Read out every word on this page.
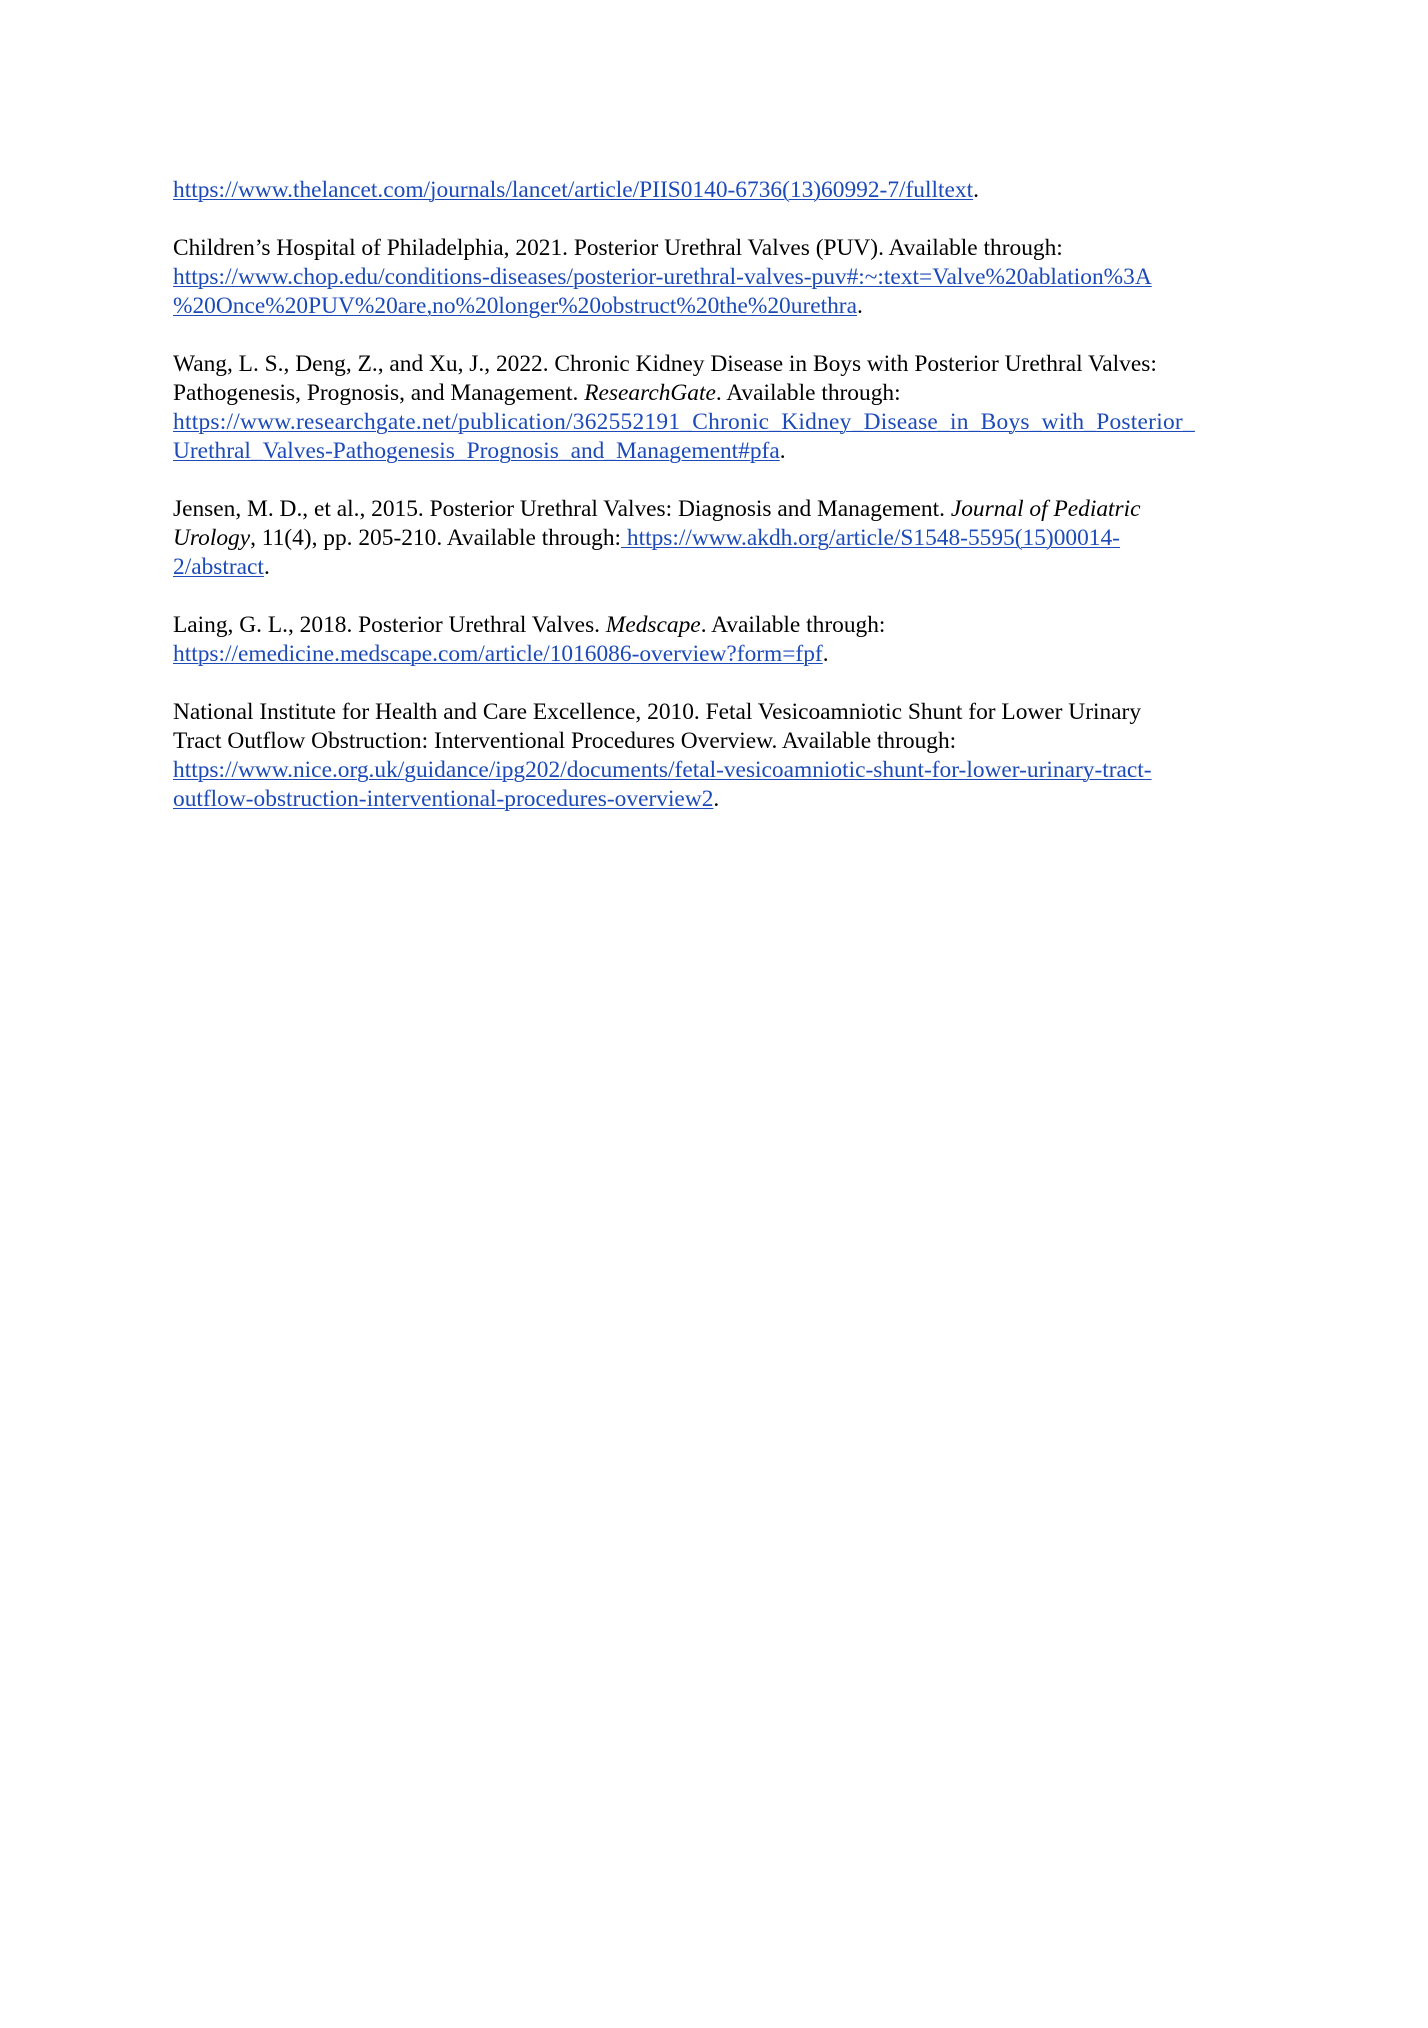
https://www.thelancet.com/journals/lancet/article/PIIS0140-6736(13)60992-7/fulltext.
Children’s Hospital of Philadelphia, 2021. Posterior Urethral Valves (PUV). Available through:
https://www.chop.edu/conditions-diseases/posterior-urethral-valves-puv#:~:text=Valve%20ablation%3A
%20Once%20PUV%20are,no%20longer%20obstruct%20the%20urethra.
Wang, L. S., Deng, Z., and Xu, J., 2022. Chronic Kidney Disease in Boys with Posterior Urethral Valves:
Pathogenesis, Prognosis, and Management. ResearchGate. Available through:
https://www.researchgate.net/publication/362552191_Chronic_Kidney_Disease_in_Boys_with_Posterior_
Urethral_Valves-Pathogenesis_Prognosis_and_Management#pfa.
Jensen, M. D., et al., 2015. Posterior Urethral Valves: Diagnosis and Management. Journal of Pediatric
Urology, 11(4), pp. 205-210. Available through: https://www.akdh.org/article/S1548-5595(15)00014-
2/abstract.
Laing, G. L., 2018. Posterior Urethral Valves. Medscape. Available through:
https://emedicine.medscape.com/article/1016086-overview?form=fpf.
National Institute for Health and Care Excellence, 2010. Fetal Vesicoamniotic Shunt for Lower Urinary
Tract Outflow Obstruction: Interventional Procedures Overview. Available through:
https://www.nice.org.uk/guidance/ipg202/documents/fetal-vesicoamniotic-shunt-for-lower-urinary-tract-
outflow-obstruction-interventional-procedures-overview2.
